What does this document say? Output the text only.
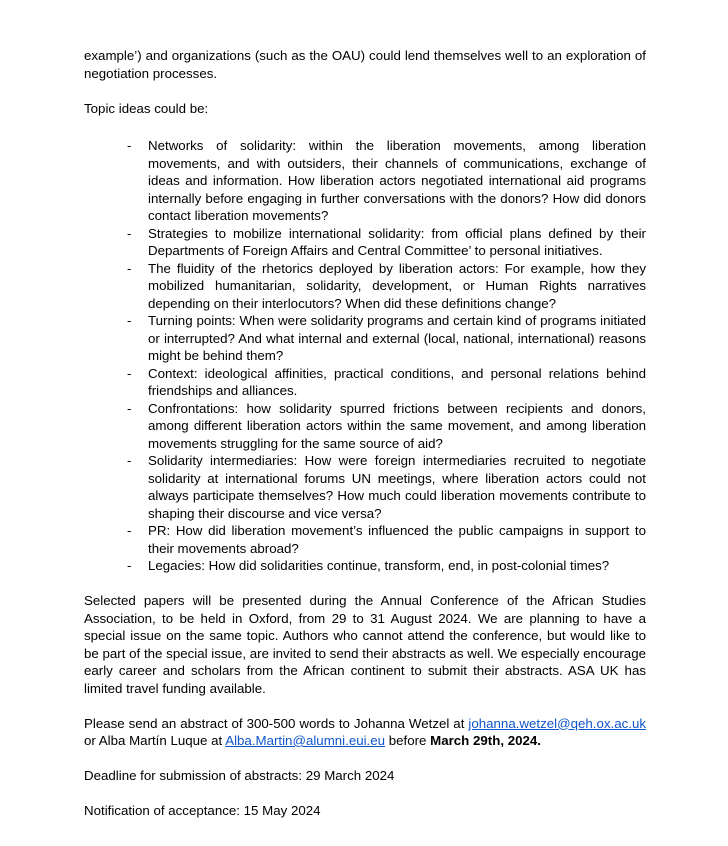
example’) and organizations (such as the OAU) could lend themselves well to an exploration of negotiation processes.

Topic ideas could be:

- Networks of solidarity: within the liberation movements, among liberation movements, and with outsiders, their channels of communications, exchange of ideas and information. How liberation actors negotiated international aid programs internally before engaging in further conversations with the donors? How did donors contact liberation movements?
- Strategies to mobilize international solidarity: from official plans defined by their Departments of Foreign Affairs and Central Committee’ to personal initiatives.
- The fluidity of the rhetorics deployed by liberation actors: For example, how they mobilized humanitarian, solidarity, development, or Human Rights narratives depending on their interlocutors? When did these definitions change?
- Turning points: When were solidarity programs and certain kind of programs initiated or interrupted? And what internal and external (local, national, international) reasons might be behind them?
- Context: ideological affinities, practical conditions, and personal relations behind friendships and alliances.
- Confrontations: how solidarity spurred frictions between recipients and donors, among different liberation actors within the same movement, and among liberation movements struggling for the same source of aid?
- Solidarity intermediaries: How were foreign intermediaries recruited to negotiate solidarity at international forums UN meetings, where liberation actors could not always participate themselves? How much could liberation movements contribute to shaping their discourse and vice versa?
- PR: How did liberation movement’s influenced the public campaigns in support to their movements abroad?
- Legacies: How did solidarities continue, transform, end, in post-colonial times?

Selected papers will be presented during the Annual Conference of the African Studies Association, to be held in Oxford, from 29 to 31 August 2024. We are planning to have a special issue on the same topic. Authors who cannot attend the conference, but would like to be part of the special issue, are invited to send their abstracts as well. We especially encourage early career and scholars from the African continent to submit their abstracts. ASA UK has limited travel funding available.

Please send an abstract of 300-500 words to Johanna Wetzel at johanna.wetzel@qeh.ox.ac.uk or Alba Martín Luque at Alba.Martin@alumni.eui.eu before March 29th, 2024.

Deadline for submission of abstracts: 29 March 2024

Notification of acceptance: 15 May 2024
